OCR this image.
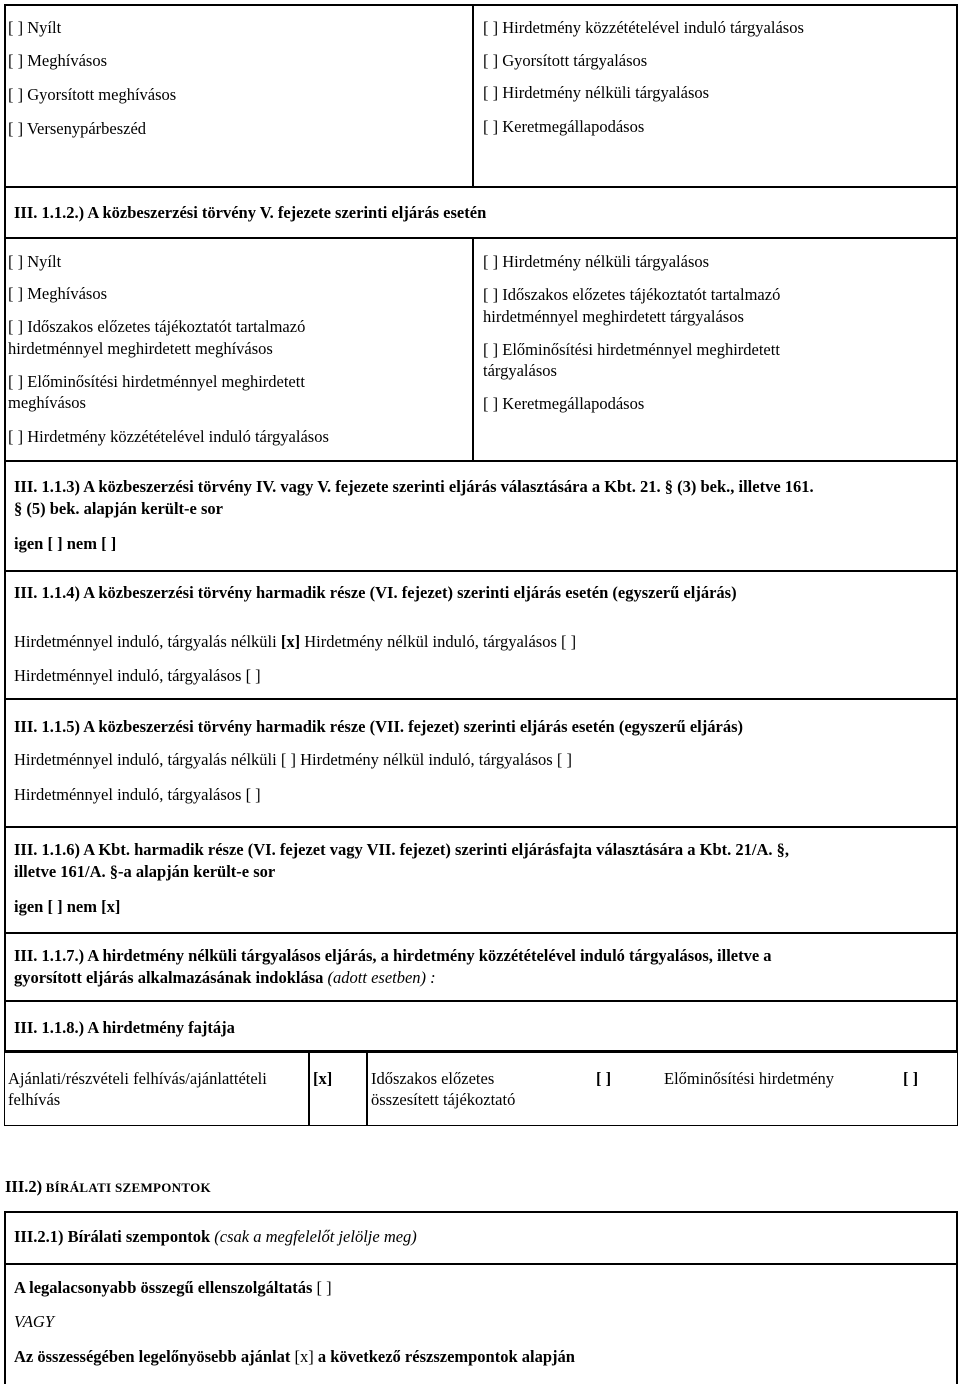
[ ] Nyílt
[ ] Meghívásos
[ ] Gyorsított meghívásos
[ ] Versenypárbeszéd
[ ] Hirdetmény közzétételével induló tárgyalásos
[ ] Gyorsított tárgyalásos
[ ] Hirdetmény nélküli tárgyalásos
[ ] Keretmegállapodásos
III. 1.1.2.) A közbeszerzési törvény V. fejezete szerinti eljárás esetén
[ ] Nyílt
[ ] Meghívásos
[ ] Időszakos előzetes tájékoztatót tartalmazó
hirdetménnyel meghirdetett meghívásos
[ ] Előminősítési hirdetménnyel meghirdetett
meghívásos
[ ] Hirdetmény közzétételével induló tárgyalásos
[ ] Hirdetmény nélküli tárgyalásos
[ ] Időszakos előzetes tájékoztatót tartalmazó
hirdetménnyel meghirdetett tárgyalásos
[ ] Előminősítési hirdetménnyel meghirdetett
tárgyalásos
[ ] Keretmegállapodásos
III. 1.1.3) A közbeszerzési törvény IV. vagy V. fejezete szerinti eljárás választására a Kbt. 21. § (3) bek., illetve 161.
§ (5) bek. alapján került-e sor
igen [ ] nem [ ]
III. 1.1.4) A közbeszerzési törvény harmadik része (VI. fejezet) szerinti eljárás esetén (egyszerű eljárás)
Hirdetménnyel induló, tárgyalás nélküli [x] Hirdetmény nélkül induló, tárgyalásos [ ]
Hirdetménnyel induló, tárgyalásos [ ]
III. 1.1.5) A közbeszerzési törvény harmadik része (VII. fejezet) szerinti eljárás esetén (egyszerű eljárás)
Hirdetménnyel induló, tárgyalás nélküli [ ] Hirdetmény nélkül induló, tárgyalásos [ ]
Hirdetménnyel induló, tárgyalásos [ ]
III. 1.1.6) A Kbt. harmadik része (VI. fejezet vagy VII. fejezet) szerinti eljárásfajta választására a Kbt. 21/A. §,
illetve 161/A. §-a alapján került-e sor
igen [ ] nem [x]
III. 1.1.7.) A hirdetmény nélküli tárgyalásos eljárás, a hirdetmény közzétételével induló tárgyalásos, illetve a
gyorsított eljárás alkalmazásának indoklása (adott esetben) :
III. 1.1.8.) A hirdetmény fajtája
Ajánlati/részvételi felhívás/ajánlattételi
felhívás
[x] Időszakos előzetes
összesített tájékoztató
[ ]	Előminősítési hirdetmény	[ ]
III.2) BÍRÁLATI SZEMPONTOK
III.2.1) Bírálati szempontok (csak a megfelelőt jelölje meg)
A legalacsonyabb összegű ellenszolgáltatás [ ]
VAGY
Az összességében legelőnyösebb ajánlat [x] a következő részszempontok alapján
